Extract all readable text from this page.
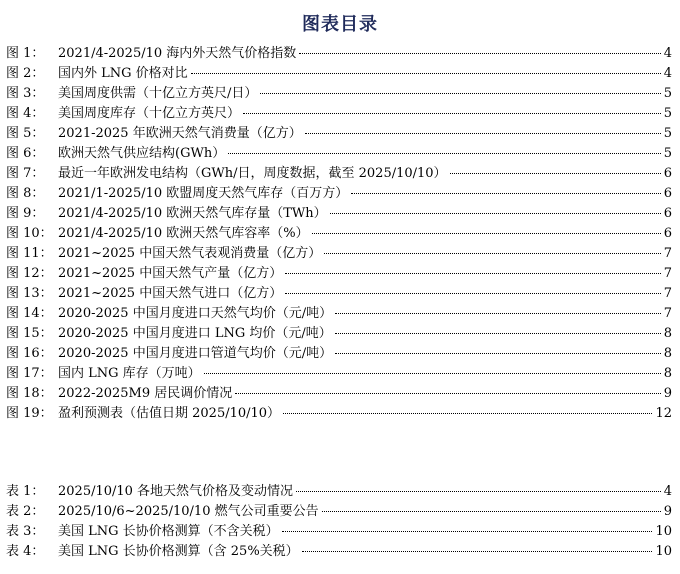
图表目录
图 1：	2021/4-2025/10 海内外天然气价格指数	4
图 2：	国内外 LNG 价格对比	4
图 3：	美国周度供需（十亿立方英尺/日）	5
图 4：	美国周度库存（十亿立方英尺）	5
图 5：	2021-2025 年欧洲天然气消费量（亿方）	5
图 6：	欧洲天然气供应结构(GWh）	5
图 7：	最近一年欧洲发电结构（GWh/日，周度数据，截至 2025/10/10）	6
图 8：	2021/1-2025/10 欧盟周度天然气库存（百万方）	6
图 9：	2021/4-2025/10 欧洲天然气库存量（TWh）	6
图 10： 2021/4-2025/10 欧洲天然气库容率（%）	6
图 11： 2021~2025 中国天然气表观消费量（亿方）	7
图 12： 2021~2025 中国天然气产量（亿方）	7
图 13： 2021~2025 中国天然气进口（亿方）	7
图 14： 2020-2025 中国月度进口天然气均价（元/吨）	7
图 15： 2020-2025 中国月度进口 LNG 均价（元/吨）	8
图 16： 2020-2025 中国月度进口管道气均价（元/吨）	8
图 17： 国内 LNG 库存（万吨）	8
图 18： 2022-2025M9 居民调价情况	9
图 19： 盈利预测表（估值日期 2025/10/10）	12
表 1：	2025/10/10 各地天然气价格及变动情况	4
表 2：	2025/10/6~2025/10/10 燃气公司重要公告	9
表 3：	美国 LNG 长协价格测算（不含关税）	10
表 4：	美国 LNG 长协价格测算（含 25%关税）	10
